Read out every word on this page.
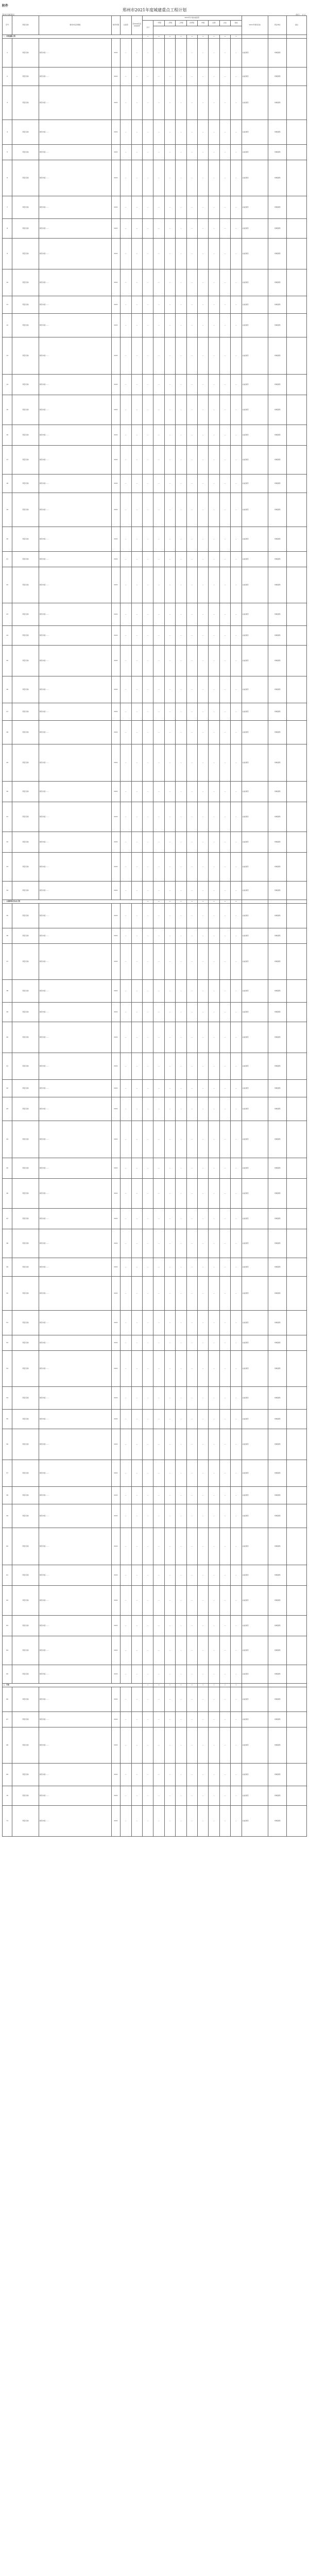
附件
郑州市2021年度城建重点工程计划
郑州市城建局	单位：万元
序号	项目名称	建设内容及规模	建设年限	总投资	至2020年底完成投资	2021年计划完成投资									2021年建设目标	责任单位	备注
						合计	一季度	二季度	三季度	四季度	市级	区级	企业	其他			

一、市政道路工程						—	—	—	—	—	—	—	—	—			
1	项目名称	建设内容……	2021	—	—	—	—	—	—	—	—	—	—	—	完成建设	市城建局	
2	项目名称	建设内容……	2021	—	—	—	—	—	—	—	—	—	—	—	完成建设	市城建局	
3	项目名称	建设内容……	2021	—	—	—	—	—	—	—	—	—	—	—	完成建设	市城建局	
4	项目名称	建设内容……	2021	—	—	—	—	—	—	—	—	—	—	—	完成建设	市城建局	
5	项目名称	建设内容……	2021	—	—	—	—	—	—	—	—	—	—	—	完成建设	市城建局	
6	项目名称	建设内容……	2021	—	—	—	—	—	—	—	—	—	—	—	完成建设	市城建局	
7	项目名称	建设内容……	2021	—	—	—	—	—	—	—	—	—	—	—	完成建设	市城建局	
8	项目名称	建设内容……	2021	—	—	—	—	—	—	—	—	—	—	—	完成建设	市城建局	
9	项目名称	建设内容……	2021	—	—	—	—	—	—	—	—	—	—	—	完成建设	市城建局	
10	项目名称	建设内容……	2021	—	—	—	—	—	—	—	—	—	—	—	完成建设	市城建局	
11	项目名称	建设内容……	2021	—	—	—	—	—	—	—	—	—	—	—	完成建设	市城建局	
12	项目名称	建设内容……	2021	—	—	—	—	—	—	—	—	—	—	—	完成建设	市城建局	
13	项目名称	建设内容……	2021	—	—	—	—	—	—	—	—	—	—	—	完成建设	市城建局	
14	项目名称	建设内容……	2021	—	—	—	—	—	—	—	—	—	—	—	完成建设	市城建局	
15	项目名称	建设内容……	2021	—	—	—	—	—	—	—	—	—	—	—	完成建设	市城建局	
16	项目名称	建设内容……	2021	—	—	—	—	—	—	—	—	—	—	—	完成建设	市城建局	
17	项目名称	建设内容……	2021	—	—	—	—	—	—	—	—	—	—	—	完成建设	市城建局	
18	项目名称	建设内容……	2021	—	—	—	—	—	—	—	—	—	—	—	完成建设	市城建局	
19	项目名称	建设内容……	2021	—	—	—	—	—	—	—	—	—	—	—	完成建设	市城建局	
20	项目名称	建设内容……	2021	—	—	—	—	—	—	—	—	—	—	—	完成建设	市城建局	
21	项目名称	建设内容……	2021	—	—	—	—	—	—	—	—	—	—	—	完成建设	市城建局	
22	项目名称	建设内容……	2021	—	—	—	—	—	—	—	—	—	—	—	完成建设	市城建局	
23	项目名称	建设内容……	2021	—	—	—	—	—	—	—	—	—	—	—	完成建设	市城建局	
24	项目名称	建设内容……	2021	—	—	—	—	—	—	—	—	—	—	—	完成建设	市城建局	
25	项目名称	建设内容……	2021	—	—	—	—	—	—	—	—	—	—	—	完成建设	市城建局	
26	项目名称	建设内容……	2021	—	—	—	—	—	—	—	—	—	—	—	完成建设	市城建局	
27	项目名称	建设内容……	2021	—	—	—	—	—	—	—	—	—	—	—	完成建设	市城建局	
28	项目名称	建设内容……	2021	—	—	—	—	—	—	—	—	—	—	—	完成建设	市城建局	
29	项目名称	建设内容……	2021	—	—	—	—	—	—	—	—	—	—	—	完成建设	市城建局	
30	项目名称	建设内容……	2021	—	—	—	—	—	—	—	—	—	—	—	完成建设	市城建局	
31	项目名称	建设内容……	2021	—	—	—	—	—	—	—	—	—	—	—	完成建设	市城建局	
32	项目名称	建设内容……	2021	—	—	—	—	—	—	—	—	—	—	—	完成建设	市城建局	
33	项目名称	建设内容……	2021	—	—	—	—	—	—	—	—	—	—	—	完成建设	市城建局	
34	项目名称	建设内容……	2021	—	—	—	—	—	—	—	—	—	—	—	完成建设	市城建局	
二、公园绿地及生态工程						—	—	—	—	—	—	—	—	—			
35	项目名称	建设内容……	2021	—	—	—	—	—	—	—	—	—	—	—	完成建设	市城建局	
36	项目名称	建设内容……	2021	—	—	—	—	—	—	—	—	—	—	—	完成建设	市城建局	
37	项目名称	建设内容……	2021	—	—	—	—	—	—	—	—	—	—	—	完成建设	市城建局	
38	项目名称	建设内容……	2021	—	—	—	—	—	—	—	—	—	—	—	完成建设	市城建局	
39	项目名称	建设内容……	2021	—	—	—	—	—	—	—	—	—	—	—	完成建设	市城建局	
40	项目名称	建设内容……	2021	—	—	—	—	—	—	—	—	—	—	—	完成建设	市城建局	
41	项目名称	建设内容……	2021	—	—	—	—	—	—	—	—	—	—	—	完成建设	市城建局	
42	项目名称	建设内容……	2021	—	—	—	—	—	—	—	—	—	—	—	完成建设	市城建局	
43	项目名称	建设内容……	2021	—	—	—	—	—	—	—	—	—	—	—	完成建设	市城建局	
44	项目名称	建设内容……	2021	—	—	—	—	—	—	—	—	—	—	—	完成建设	市城建局	
45	项目名称	建设内容……	2021	—	—	—	—	—	—	—	—	—	—	—	完成建设	市城建局	
46	项目名称	建设内容……	2021	—	—	—	—	—	—	—	—	—	—	—	完成建设	市城建局	
47	项目名称	建设内容……	2021	—	—	—	—	—	—	—	—	—	—	—	完成建设	市城建局	
48	项目名称	建设内容……	2021	—	—	—	—	—	—	—	—	—	—	—	完成建设	市城建局	
49	项目名称	建设内容……	2021	—	—	—	—	—	—	—	—	—	—	—	完成建设	市城建局	
50	项目名称	建设内容……	2021	—	—	—	—	—	—	—	—	—	—	—	完成建设	市城建局	
51	项目名称	建设内容……	2021	—	—	—	—	—	—	—	—	—	—	—	完成建设	市城建局	
52	项目名称	建设内容……	2021	—	—	—	—	—	—	—	—	—	—	—	完成建设	市城建局	
53	项目名称	建设内容……	2021	—	—	—	—	—	—	—	—	—	—	—	完成建设	市城建局	
54	项目名称	建设内容……	2021	—	—	—	—	—	—	—	—	—	—	—	完成建设	市城建局	
55	项目名称	建设内容……	2021	—	—	—	—	—	—	—	—	—	—	—	完成建设	市城建局	
56	项目名称	建设内容……	2021	—	—	—	—	—	—	—	—	—	—	—	完成建设	市城建局	
57	项目名称	建设内容……	2021	—	—	—	—	—	—	—	—	—	—	—	完成建设	市城建局	
58	项目名称	建设内容……	2021	—	—	—	—	—	—	—	—	—	—	—	完成建设	市城建局	
59	项目名称	建设内容……	2021	—	—	—	—	—	—	—	—	—	—	—	完成建设	市城建局	
60	项目名称	建设内容……	2021	—	—	—	—	—	—	—	—	—	—	—	完成建设	市城建局	
61	项目名称	建设内容……	2021	—	—	—	—	—	—	—	—	—	—	—	完成建设	市城建局	
62	项目名称	建设内容……	2021	—	—	—	—	—	—	—	—	—	—	—	完成建设	市城建局	
63	项目名称	建设内容……	2021	—	—	—	—	—	—	—	—	—	—	—	完成建设	市城建局	
64	项目名称	建设内容……	2021	—	—	—	—	—	—	—	—	—	—	—	完成建设	市城建局	
65	项目名称	建设内容……	2021	—	—	—	—	—	—	—	—	—	—	—	完成建设	市城建局	
三、其他						—	—	—	—	—	—	—	—	—			
66	项目名称	建设内容……	2021	—	—	—	—	—	—	—	—	—	—	—	完成建设	市城建局	
67	项目名称	建设内容……	2021	—	—	—	—	—	—	—	—	—	—	—	完成建设	市城建局	
68	项目名称	建设内容……	2021	—	—	—	—	—	—	—	—	—	—	—	完成建设	市城建局	
69	项目名称	建设内容……	2021	—	—	—	—	—	—	—	—	—	—	—	完成建设	市城建局	
70	项目名称	建设内容……	2021	—	—	—	—	—	—	—	—	—	—	—	完成建设	市城建局	
71	项目名称	建设内容……	2021	—	—	—	—	—	—	—	—	—	—	—	完成建设	市城建局	
